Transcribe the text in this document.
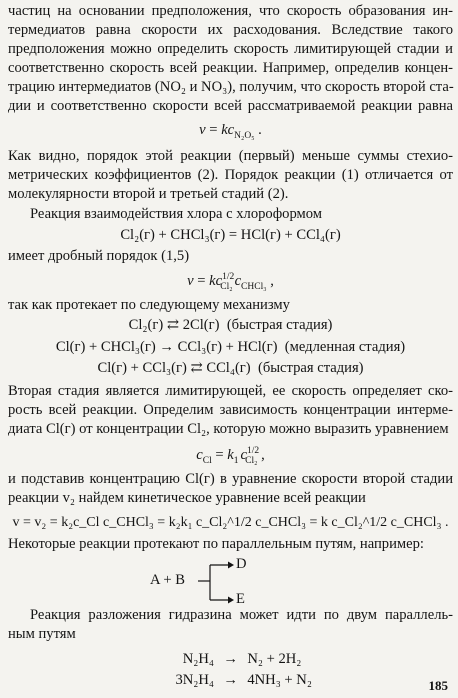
частиц на основании предположения, что скорость образования ин-
термедиатов равна скорости их расходования. Вследствие такого
предположения можно определить скорость лимитирующей стадии и
соответственно скорость всей реакции. Например, определив концен-
трацию интермедиатов (NO₂ и NO₃), получим, что скорость второй ста-
дии и соответственно скорости всей рассматриваемой реакции равна
$v = kc_{N_2O_5}$ .
Как видно, порядок этой реакции (первый) меньше суммы стехио-
метрических коэффициентов (2). Порядок реакции (1) отличается от
молекулярности второй и третьей стадий (2).
Реакция взаимодействия хлора с хлороформом
Cl₂(г) + CHCl₃(г) = HCl(г) + CCl₄(г)
имеет дробный порядок (1,5)
$v = kc^{1/2}_{Cl_2}$ $c_{CHCl_3}$ ,
так как протекает по следующему механизму
Cl₂(г) ⇄ 2Cl(г) (быстрая стадия)
Cl(г) + CHCl₃(г) → CCl₃(г) + HCl(г) (медленная стадия)
Cl(г) + CCl₃(г) ⇄ CCl₄(г) (быстрая стадия)
Вторая стадия является лимитирующей, ее скорость определяет ско-
рость всей реакции. Определим зависимость концентрации интерме-
диата Cl(г) от концентрации Cl₂, которую можно выразить уравнением
$c_{Cl} = k_1$ $c^{1/2}_{Cl_2}$ ,
и подставив концентрацию Cl(г) в уравнение скорости второй стадии
реакции v₂ найдем кинетическое уравнение всей реакции
v = v₂ = k₂c_Cl c_CHCl₃ = k₂k₁ c_Cl₂^1/2 c_CHCl₃ = k c_Cl₂^1/2 c_CHCl₃ .
Некоторые реакции протекают по параллельным путям, например:
A + B
D
E
Реакция разложения гидразина может идти по двум параллель-
ным путям
N₂H₄ → N₂ + 2H₂
3N₂H₄ → 4NH₃ + N₂	185
